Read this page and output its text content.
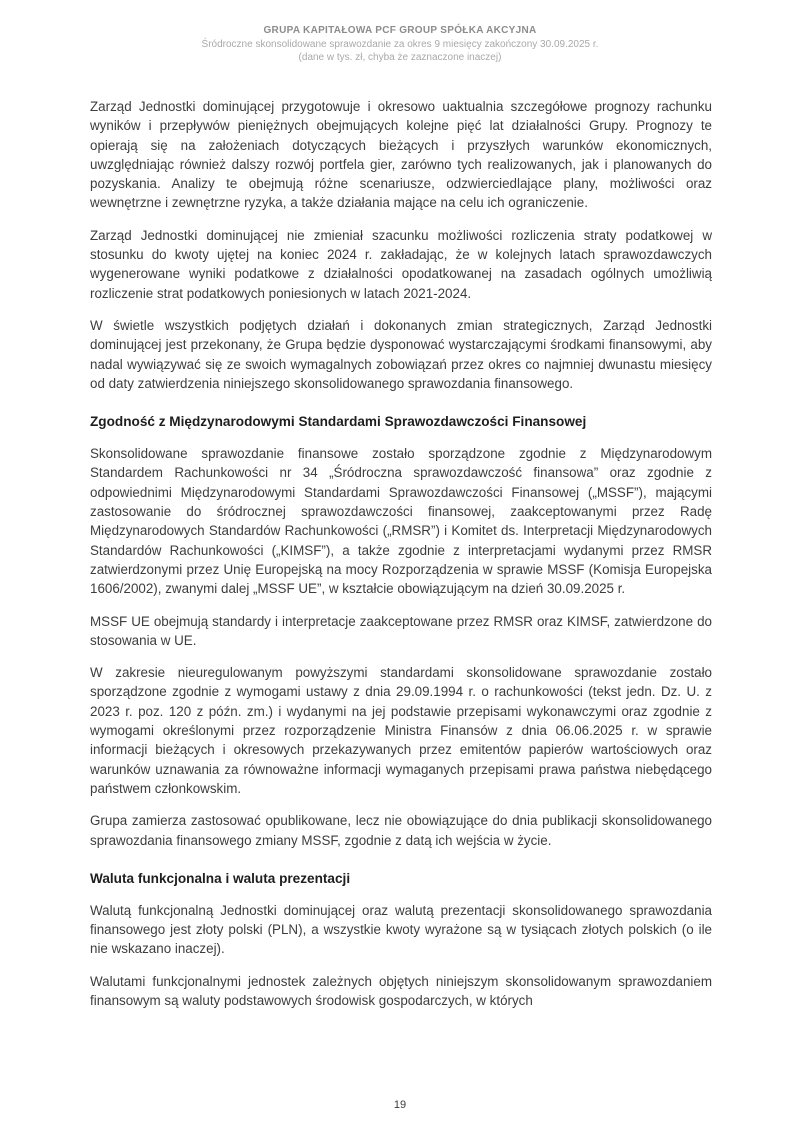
GRUPA KAPITAŁOWA PCF GROUP SPÓŁKA AKCYJNA
Śródroczne skonsolidowane sprawozdanie za okres 9 miesięcy zakończony 30.09.2025 r.
(dane w tys. zł, chyba że zaznaczone inaczej)

Zarząd Jednostki dominującej przygotowuje i okresowo uaktualnia szczegółowe prognozy rachunku wyników i przepływów pieniężnych obejmujących kolejne pięć lat działalności Grupy. Prognozy te opierają się na założeniach dotyczących bieżących i przyszłych warunków ekonomicznych, uwzględniając również dalszy rozwój portfela gier, zarówno tych realizowanych, jak i planowanych do pozyskania. Analizy te obejmują różne scenariusze, odzwierciedlające plany, możliwości oraz wewnętrzne i zewnętrzne ryzyka, a także działania mające na celu ich ograniczenie.

Zarząd Jednostki dominującej nie zmieniał szacunku możliwości rozliczenia straty podatkowej w stosunku do kwoty ujętej na koniec 2024 r. zakładając, że w kolejnych latach sprawozdawczych wygenerowane wyniki podatkowe z działalności opodatkowanej na zasadach ogólnych umożliwią rozliczenie strat podatkowych poniesionych w latach 2021-2024.

W świetle wszystkich podjętych działań i dokonanych zmian strategicznych, Zarząd Jednostki dominującej jest przekonany, że Grupa będzie dysponować wystarczającymi środkami finansowymi, aby nadal wywiązywać się ze swoich wymagalnych zobowiązań przez okres co najmniej dwunastu miesięcy od daty zatwierdzenia niniejszego skonsolidowanego sprawozdania finansowego.

Zgodność z Międzynarodowymi Standardami Sprawozdawczości Finansowej

Skonsolidowane sprawozdanie finansowe zostało sporządzone zgodnie z Międzynarodowym Standardem Rachunkowości nr 34 „Śródroczna sprawozdawczość finansowa” oraz zgodnie z odpowiednimi Międzynarodowymi Standardami Sprawozdawczości Finansowej („MSSF”), mającymi zastosowanie do śródrocznej sprawozdawczości finansowej, zaakceptowanymi przez Radę Międzynarodowych Standardów Rachunkowości („RMSR”) i Komitet ds. Interpretacji Międzynarodowych Standardów Rachunkowości („KIMSF”), a także zgodnie z interpretacjami wydanymi przez RMSR zatwierdzonymi przez Unię Europejską na mocy Rozporządzenia w sprawie MSSF (Komisja Europejska 1606/2002), zwanymi dalej „MSSF UE”, w kształcie obowiązującym na dzień 30.09.2025 r.

MSSF UE obejmują standardy i interpretacje zaakceptowane przez RMSR oraz KIMSF, zatwierdzone do stosowania w UE.

W zakresie nieuregulowanym powyższymi standardami skonsolidowane sprawozdanie zostało sporządzone zgodnie z wymogami ustawy z dnia 29.09.1994 r. o rachunkowości (tekst jedn. Dz. U. z 2023 r. poz. 120 z późn. zm.) i wydanymi na jej podstawie przepisami wykonawczymi oraz zgodnie z wymogami określonymi przez rozporządzenie Ministra Finansów z dnia 06.06.2025 r. w sprawie informacji bieżących i okresowych przekazywanych przez emitentów papierów wartościowych oraz warunków uznawania za równoważne informacji wymaganych przepisami prawa państwa niebędącego państwem członkowskim.

Grupa zamierza zastosować opublikowane, lecz nie obowiązujące do dnia publikacji skonsolidowanego sprawozdania finansowego zmiany MSSF, zgodnie z datą ich wejścia w życie.

Waluta funkcjonalna i waluta prezentacji

Walutą funkcjonalną Jednostki dominującej oraz walutą prezentacji skonsolidowanego sprawozdania finansowego jest złoty polski (PLN), a wszystkie kwoty wyrażone są w tysiącach złotych polskich (o ile nie wskazano inaczej).

Walutami funkcjonalnymi jednostek zależnych objętych niniejszym skonsolidowanym sprawozdaniem finansowym są waluty podstawowych środowisk gospodarczych, w których

19
